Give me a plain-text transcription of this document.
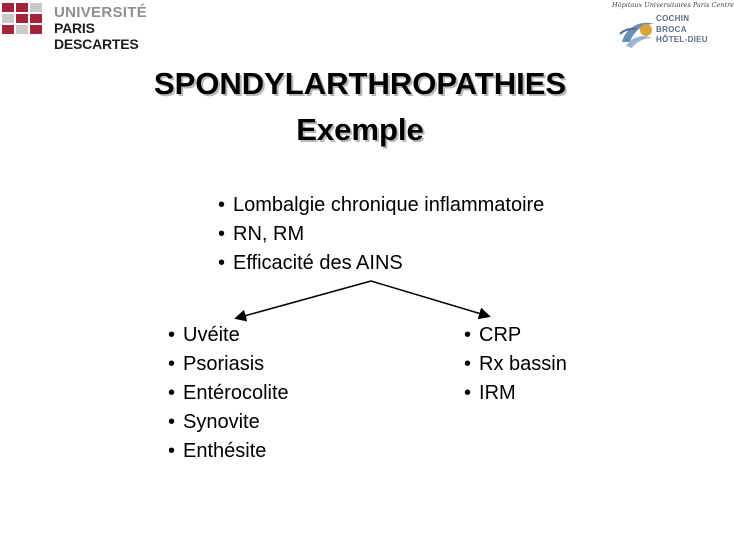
UNIVERSITÉ
PARIS DESCARTES
Hôpitaux Universitaires Paris Centre
COCHIN
BROCA
HÔTEL-DIEU
SPONDYLARTHROPATHIES
Exemple
• Lombalgie chronique inflammatoire
• RN, RM
• Efficacité des AINS
• Uvéite
• Psoriasis
• Entérocolite
• Synovite
• Enthésite
• CRP
• Rx bassin
• IRM
